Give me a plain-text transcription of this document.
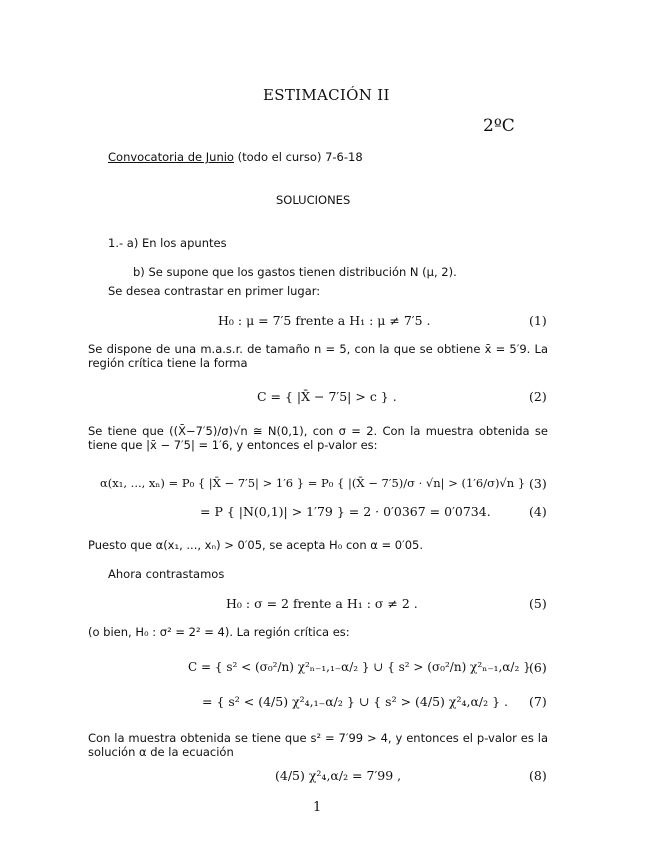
ESTIMACIÓN II
2ºC
Convocatoria de Junio (todo el curso) 7-6-18
SOLUCIONES
1.- a) En los apuntes
b) Se supone que los gastos tienen distribución N (μ, 2).
Se desea contrastar en primer lugar:
H₀ : μ = 7′5 frente a H₁ : μ ≠ 7′5 .	(1)
Se dispone de una m.a.s.r. de tamaño n = 5, con la que se obtiene x̄ = 5′9. La región crítica tiene la forma
C = { |X̄ − 7′5| > c } .	(2)
Se tiene que ((X̄−7′5)/σ)√n ≅ N(0,1), con σ = 2. Con la muestra obtenida se tiene que |x̄ − 7′5| = 1′6, y entonces el p-valor es:
α(x₁, ..., xₙ) = P₀ { |X̄ − 7′5| > 1′6 } = P₀ { |(X̄ − 7′5)/σ · √n| > (1′6/σ)√n } (3)
= P { |N(0,1)| > 1′79 } = 2 · 0′0367 = 0′0734.	(4)
Puesto que α(x₁, ..., xₙ) > 0′05, se acepta H₀ con α = 0′05.
Ahora contrastamos
H₀ : σ = 2 frente a H₁ : σ ≠ 2 .	(5)
(o bien, H₀ : σ² = 2² = 4). La región crítica es:
C = { s² < (σ₀²/n) χ²ₙ₋₁,₁₋α/₂ } ∪ { s² > (σ₀²/n) χ²ₙ₋₁,α/₂ }
(6)
= { s² < (4/5) χ²₄,₁₋α/₂ } ∪ { s² > (4/5) χ²₄,α/₂ } . (7)
Con la muestra obtenida se tiene que s² = 7′99 > 4, y entonces el p-valor es la solución α de la ecuación
(4/5) χ²₄,α/₂ = 7′99 ,	(8)
1
